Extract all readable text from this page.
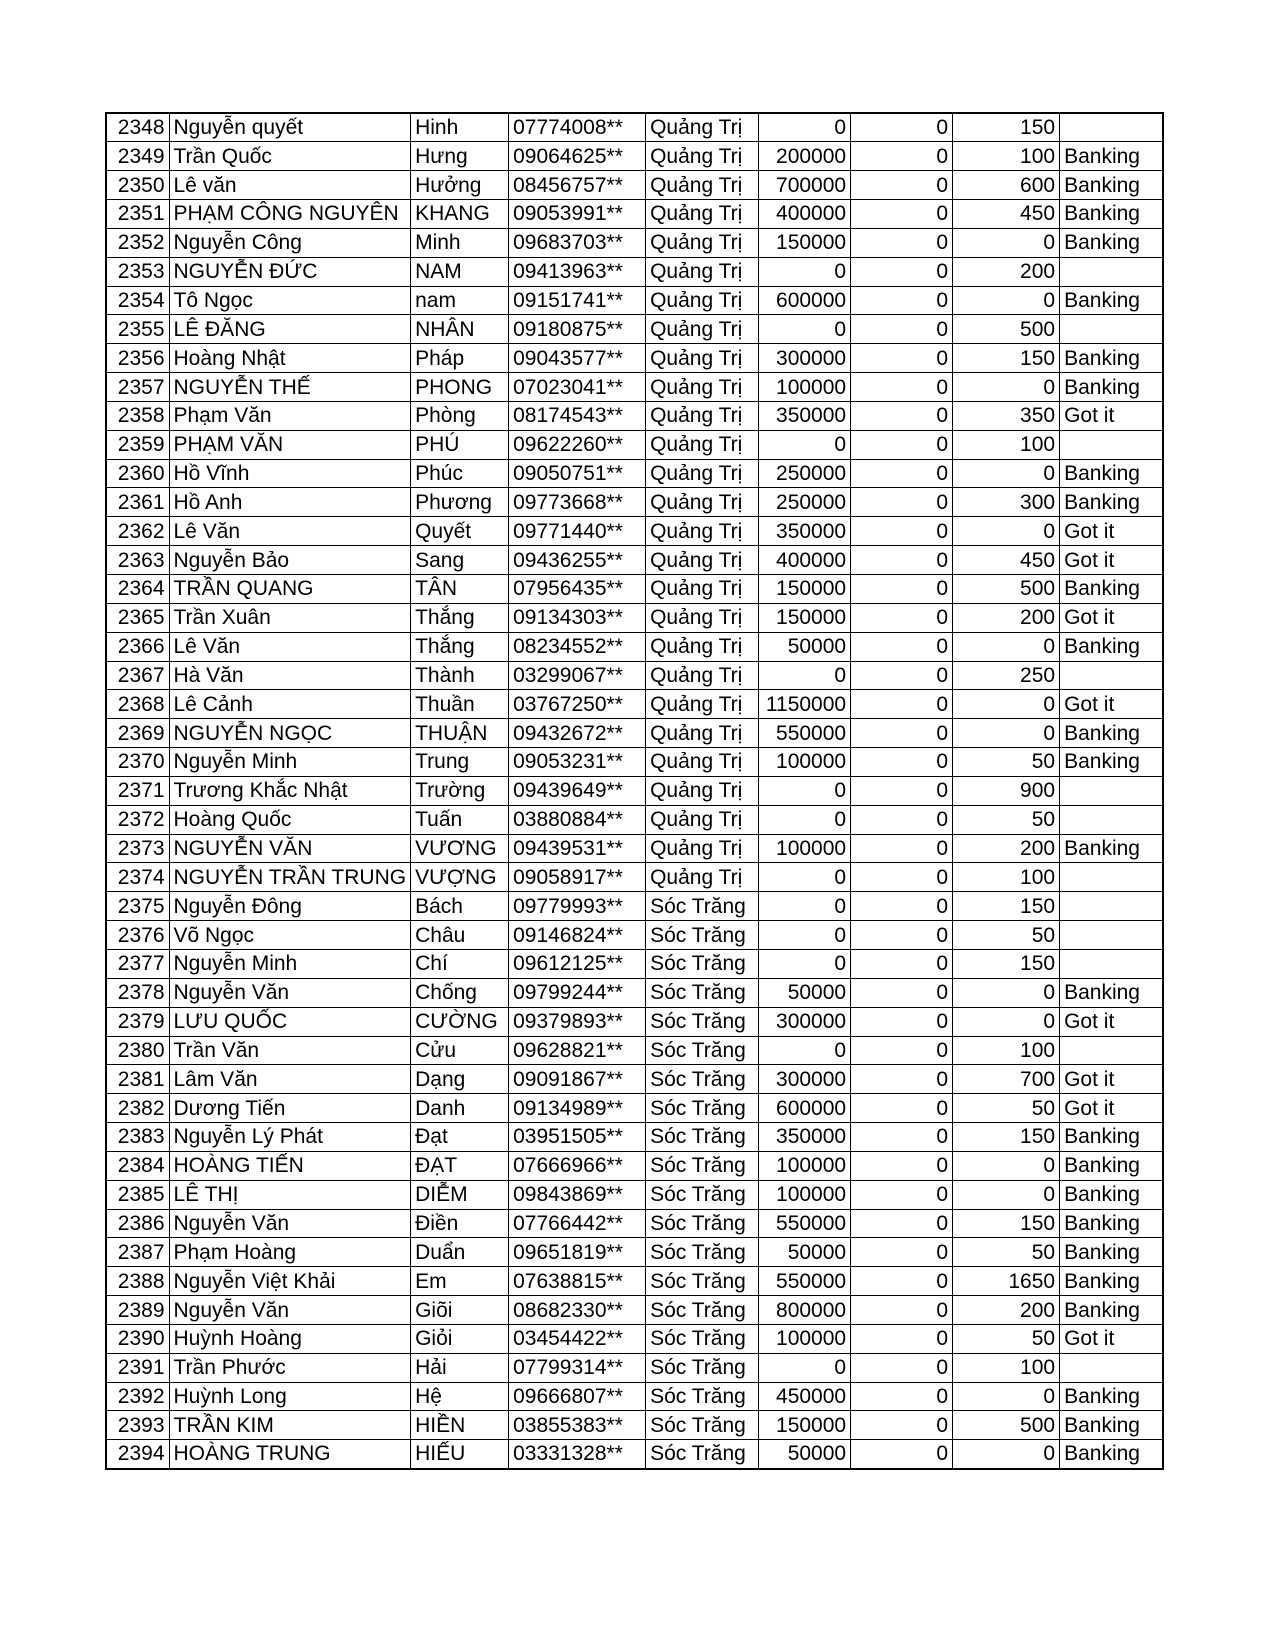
2348	Nguyễn quyết	Hinh	07774008**	Quảng Trị	0	0	150	
2349	Trần Quốc	Hưng	09064625**	Quảng Trị	200000	0	100	Banking
2350	Lê văn	Hưởng	08456757**	Quảng Trị	700000	0	600	Banking
2351	PHẠM CÔNG NGUYÊN	KHANG	09053991**	Quảng Trị	400000	0	450	Banking
2352	Nguyễn Công	Minh	09683703**	Quảng Trị	150000	0	0	Banking
2353	NGUYỄN ĐỨC	NAM	09413963**	Quảng Trị	0	0	200	
2354	Tô Ngọc	nam	09151741**	Quảng Trị	600000	0	0	Banking
2355	LÊ ĐĂNG	NHÂN	09180875**	Quảng Trị	0	0	500	
2356	Hoàng Nhật	Pháp	09043577**	Quảng Trị	300000	0	150	Banking
2357	NGUYỄN THẾ	PHONG	07023041**	Quảng Trị	100000	0	0	Banking
2358	Phạm Văn	Phòng	08174543**	Quảng Trị	350000	0	350	Got it
2359	PHẠM VĂN	PHÚ	09622260**	Quảng Trị	0	0	100	
2360	Hồ Vĩnh	Phúc	09050751**	Quảng Trị	250000	0	0	Banking
2361	Hồ Anh	Phương	09773668**	Quảng Trị	250000	0	300	Banking
2362	Lê Văn	Quyết	09771440**	Quảng Trị	350000	0	0	Got it
2363	Nguyễn Bảo	Sang	09436255**	Quảng Trị	400000	0	450	Got it
2364	TRẦN QUANG	TÂN	07956435**	Quảng Trị	150000	0	500	Banking
2365	Trần Xuân	Thắng	09134303**	Quảng Trị	150000	0	200	Got it
2366	Lê Văn	Thắng	08234552**	Quảng Trị	50000	0	0	Banking
2367	Hà Văn	Thành	03299067**	Quảng Trị	0	0	250	
2368	Lê Cảnh	Thuần	03767250**	Quảng Trị	1150000	0	0	Got it
2369	NGUYỄN NGỌC	THUẬN	09432672**	Quảng Trị	550000	0	0	Banking
2370	Nguyễn Minh	Trung	09053231**	Quảng Trị	100000	0	50	Banking
2371	Trương Khắc Nhật	Trường	09439649**	Quảng Trị	0	0	900	
2372	Hoàng Quốc	Tuấn	03880884**	Quảng Trị	0	0	50	
2373	NGUYỄN VĂN	VƯƠNG	09439531**	Quảng Trị	100000	0	200	Banking
2374	NGUYỄN TRẦN TRUNG	VƯỢNG	09058917**	Quảng Trị	0	0	100	
2375	Nguyễn Đông	Bách	09779993**	Sóc Trăng	0	0	150	
2376	Võ Ngọc	Châu	09146824**	Sóc Trăng	0	0	50	
2377	Nguyễn Minh	Chí	09612125**	Sóc Trăng	0	0	150	
2378	Nguyễn Văn	Chống	09799244**	Sóc Trăng	50000	0	0	Banking
2379	LƯU QUỐC	CƯỜNG	09379893**	Sóc Trăng	300000	0	0	Got it
2380	Trần Văn	Cửu	09628821**	Sóc Trăng	0	0	100	
2381	Lâm Văn	Dạng	09091867**	Sóc Trăng	300000	0	700	Got it
2382	Dương Tiến	Danh	09134989**	Sóc Trăng	600000	0	50	Got it
2383	Nguyễn Lý Phát	Đạt	03951505**	Sóc Trăng	350000	0	150	Banking
2384	HOÀNG TIẾN	ĐẠT	07666966**	Sóc Trăng	100000	0	0	Banking
2385	LÊ THỊ	DIỄM	09843869**	Sóc Trăng	100000	0	0	Banking
2386	Nguyễn Văn	Điền	07766442**	Sóc Trăng	550000	0	150	Banking
2387	Phạm Hoàng	Duẩn	09651819**	Sóc Trăng	50000	0	50	Banking
2388	Nguyễn Việt Khải	Em	07638815**	Sóc Trăng	550000	0	1650	Banking
2389	Nguyễn Văn	Giõi	08682330**	Sóc Trăng	800000	0	200	Banking
2390	Huỳnh Hoàng	Giỏi	03454422**	Sóc Trăng	100000	0	50	Got it
2391	Trần Phước	Hải	07799314**	Sóc Trăng	0	0	100	
2392	Huỳnh Long	Hệ	09666807**	Sóc Trăng	450000	0	0	Banking
2393	TRẦN KIM	HIỀN	03855383**	Sóc Trăng	150000	0	500	Banking
2394	HOÀNG TRUNG	HIẾU	03331328**	Sóc Trăng	50000	0	0	Banking
